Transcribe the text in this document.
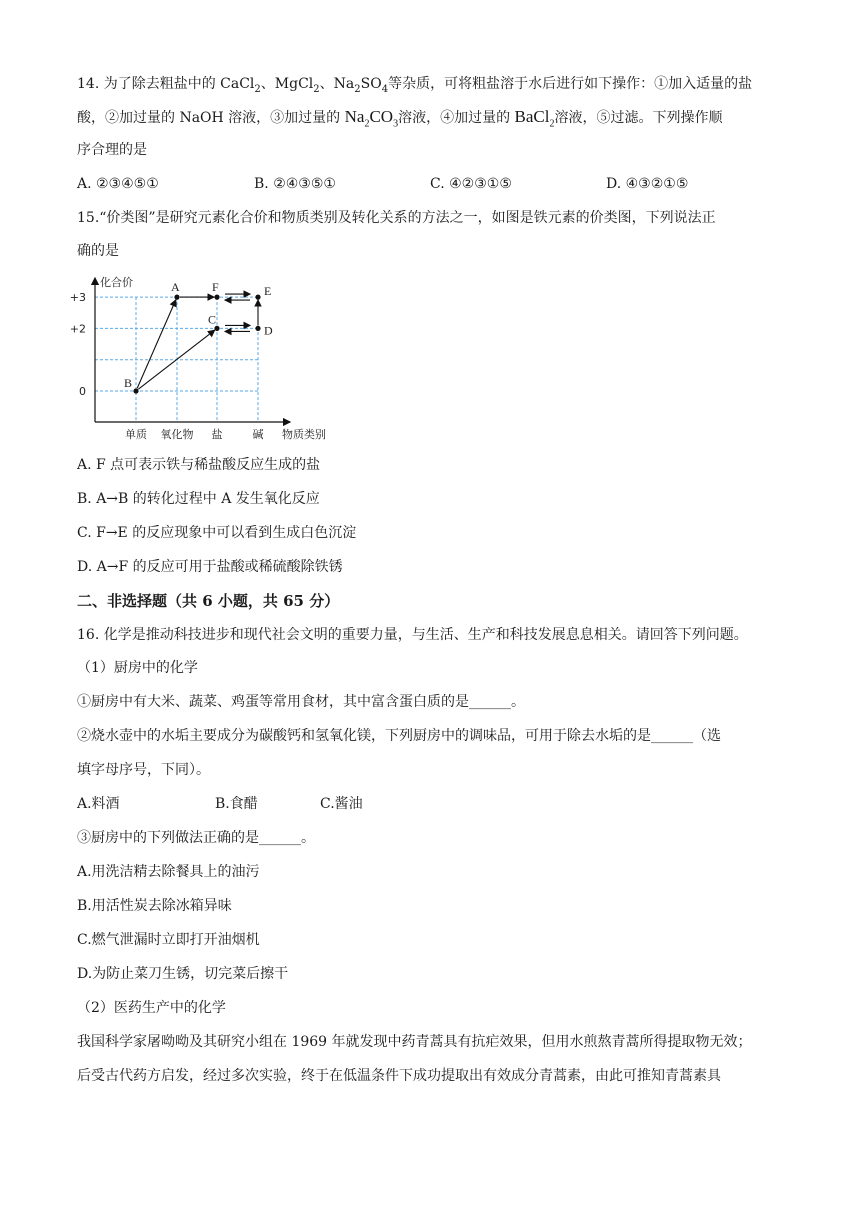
14. 为了除去粗盐中的 CaCl$_2$、MgCl$_2$、$Na_2SO_4$等杂质，可将粗盐溶于水后进行如下操作：①加入适量的盐
酸，②加过量的 NaOH 溶液，③加过量的 $Na_2CO_3$溶液，④加过量的 BaCl$_2$溶液，⑤过滤。下列操作顺
序合理的是
A. ②③④⑤①	B. ②④③⑤①	C. ④②③①⑤	D. ④③②①⑤
15.“价类图”是研究元素化合价和物质类别及转化关系的方法之一，如图是铁元素的价类图，下列说法正
确的是
化合价
物质类别
单质 氧化物 盐	碱
+3
+2
0
A
B
C
D
E
F
A. F 点可表示铁与稀盐酸反应生成的盐
B. A→B 的转化过程中 A 发生氧化反应
C. F→E 的反应现象中可以看到生成白色沉淀
D. A→F 的反应可用于盐酸或稀硫酸除铁锈
二、非选择题（共 6 小题，共 65 分）
16. 化学是推动科技进步和现代社会文明的重要力量，与生活、生产和科技发展息息相关。请回答下列问题。
（1）厨房中的化学
①厨房中有大米、蔬菜、鸡蛋等常用食材，其中富含蛋白质的是______。
②烧水壶中的水垢主要成分为碳酸钙和氢氧化镁，下列厨房中的调味品，可用于除去水垢的是______（选
填字母序号，下同）。
A.料酒	B.食醋	C.酱油
③厨房中的下列做法正确的是______。
A.用洗洁精去除餐具上的油污
B.用活性炭去除冰箱异味
C.燃气泄漏时立即打开油烟机
D.为防止菜刀生锈，切完菜后擦干
（2）医药生产中的化学
我国科学家屠呦呦及其研究小组在 1969 年就发现中药青蒿具有抗疟效果，但用水煎熬青蒿所得提取物无效；
后受古代药方启发，经过多次实验，终于在低温条件下成功提取出有效成分青蒿素，由此可推知青蒿素具
